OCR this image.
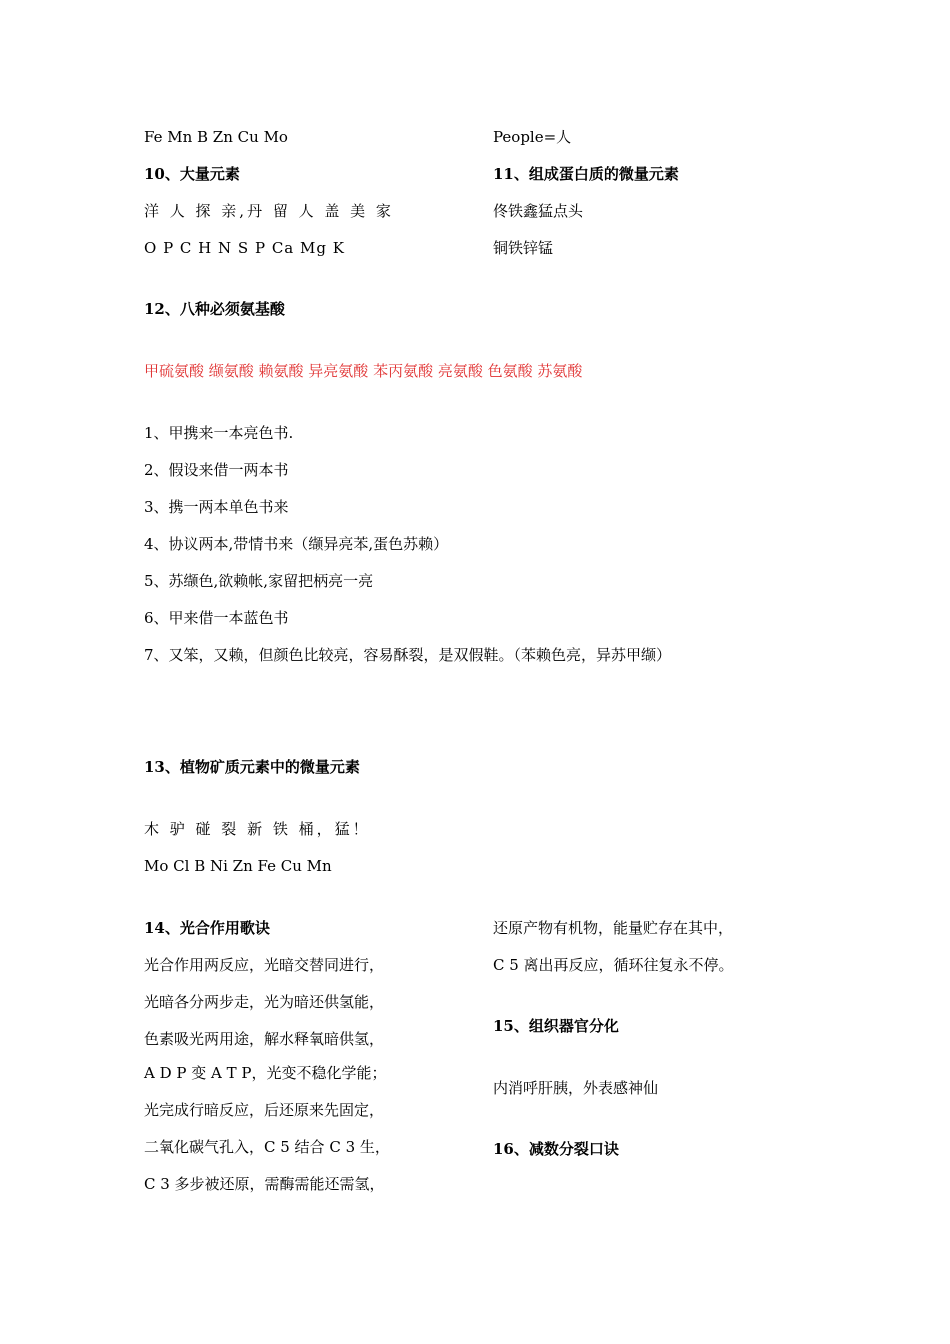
Fe Mn B Zn Cu Mo	People=人
10、大量元素
洋 人 探 亲,丹 留 人 盖 美 家
O P C H N S P Ca Mg K
11、组成蛋白质的微量元素
佟铁鑫猛点头
铜铁锌锰
12、八种必须氨基酸
甲硫氨酸 缬氨酸 赖氨酸 异亮氨酸 苯丙氨酸 亮氨酸 色氨酸 苏氨酸
1、甲携来一本亮色书.
2、假设来借一两本书
3、携一两本单色书来
4、协议两本,带情书来（缬异亮苯,蛋色苏赖）
5、苏缬色,欲赖帐,家留把柄亮一亮
6、甲来借一本蓝色书
7、又笨，又赖，但颜色比较亮，容易酥裂，是双假鞋。（苯赖色亮，异苏甲缬）
13、植物矿质元素中的微量元素
木 驴 碰 裂 新 铁 桶，猛！
Mo Cl B Ni Zn Fe Cu Mn
14、光合作用歌诀
光合作用两反应，光暗交替同进行，
光暗各分两步走，光为暗还供氢能，
色素吸光两用途，解水释氧暗供氢，
A D P 变 A T P，光变不稳化学能；
光完成行暗反应，后还原来先固定，
二氧化碳气孔入，C 5 结合 C 3 生，
C 3 多步被还原，需酶需能还需氢，
还原产物有机物，能量贮存在其中，
C 5 离出再反应，循环往复永不停。
15、组织器官分化
内消呼肝胰，外表感神仙
16、减数分裂口诀
